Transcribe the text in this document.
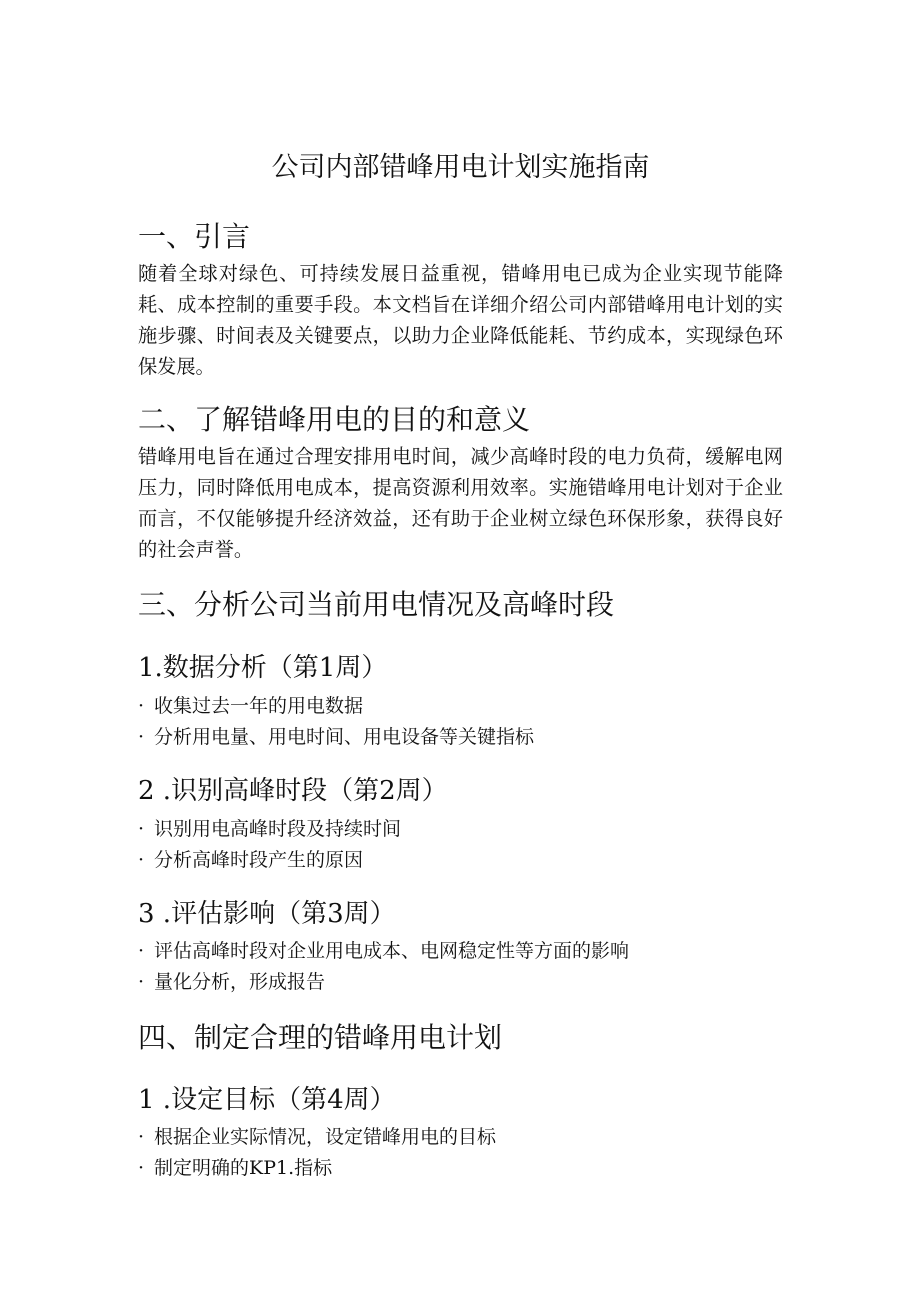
公司内部错峰用电计划实施指南
一、引言
随着全球对绿色、可持续发展日益重视，错峰用电已成为企业实现节能降耗、成本控制的重要手段。本文档旨在详细介绍公司内部错峰用电计划的实施步骤、时间表及关键要点，以助力企业降低能耗、节约成本，实现绿色环保发展。
二、了解错峰用电的目的和意义
错峰用电旨在通过合理安排用电时间，减少高峰时段的电力负荷，缓解电网压力，同时降低用电成本，提高资源利用效率。实施错峰用电计划对于企业而言，不仅能够提升经济效益，还有助于企业树立绿色环保形象，获得良好的社会声誉。
三、分析公司当前用电情况及高峰时段
1.数据分析（第1周）
· 收集过去一年的用电数据
· 分析用电量、用电时间、用电设备等关键指标
2 .识别高峰时段（第2周）
· 识别用电高峰时段及持续时间
· 分析高峰时段产生的原因
3 .评估影响（第3周）
· 评估高峰时段对企业用电成本、电网稳定性等方面的影响
· 量化分析，形成报告
四、制定合理的错峰用电计划
1 .设定目标（第4周）
· 根据企业实际情况，设定错峰用电的目标
· 制定明确的KP1.指标
